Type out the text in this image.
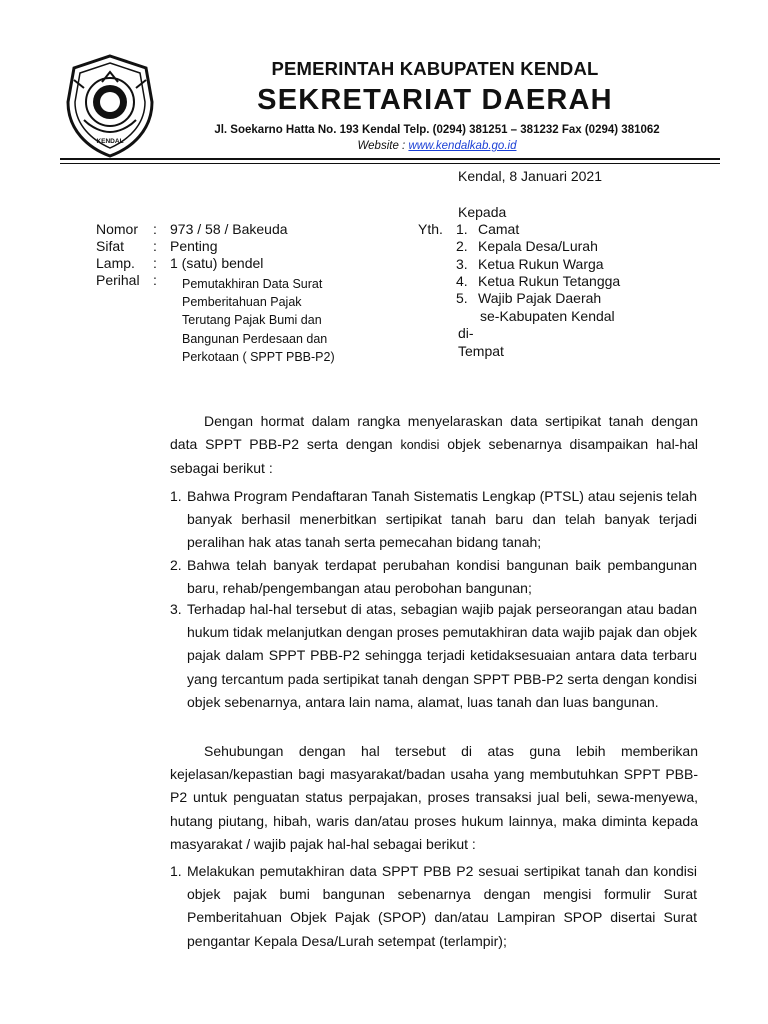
KENDAL
PEMERINTAH KABUPATEN KENDAL
SEKRETARIAT DAERAH
Jl. Soekarno Hatta No. 193 Kendal Telp. (0294) 381251 – 381232 Fax (0294) 381062
Website : www.kendalkab.go.id
Kendal, 8 Januari 2021
Nomor : 973 / 58 / Bakeuda
Sifat : Penting
Lamp. : 1 (satu) bendel
Perihal : Pemutakhiran Data Surat
Pemberitahuan Pajak
Terutang Pajak Bumi dan
Bangunan Perdesaan dan
Perkotaan ( SPPT PBB-P2)
Kepada
Yth. 1. Camat
2. Kepala Desa/Lurah
3. Ketua Rukun Warga
4. Ketua Rukun Tetangga
5. Wajib Pajak Daerah
se-Kabupaten Kendal
di-
Tempat
Dengan hormat dalam rangka menyelaraskan data sertipikat tanah dengan data SPPT PBB-P2 serta dengan kondisi objek sebenarnya disampaikan hal-hal sebagai berikut :
1. Bahwa Program Pendaftaran Tanah Sistematis Lengkap (PTSL) atau sejenis telah banyak berhasil menerbitkan sertipikat tanah baru dan telah banyak terjadi peralihan hak atas tanah serta pemecahan bidang tanah;
2. Bahwa telah banyak terdapat perubahan kondisi bangunan baik pembangunan baru, rehab/pengembangan atau perobohan bangunan;
3. Terhadap hal-hal tersebut di atas, sebagian wajib pajak perseorangan atau badan hukum tidak melanjutkan dengan proses pemutakhiran data wajib pajak dan objek pajak dalam SPPT PBB-P2 sehingga terjadi ketidaksesuaian antara data terbaru yang tercantum pada sertipikat tanah dengan SPPT PBB-P2 serta dengan kondisi objek sebenarnya, antara lain nama, alamat, luas tanah dan luas bangunan.
Sehubungan dengan hal tersebut di atas guna lebih memberikan kejelasan/kepastian bagi masyarakat/badan usaha yang membutuhkan SPPT PBB-P2 untuk penguatan status perpajakan, proses transaksi jual beli, sewa-menyewa, hutang piutang, hibah, waris dan/atau proses hukum lainnya, maka diminta kepada masyarakat / wajib pajak hal-hal sebagai berikut :
1. Melakukan pemutakhiran data SPPT PBB P2 sesuai sertipikat tanah dan kondisi objek pajak bumi bangunan sebenarnya dengan mengisi formulir Surat Pemberitahuan Objek Pajak (SPOP) dan/atau Lampiran SPOP disertai Surat pengantar Kepala Desa/Lurah setempat (terlampir);
